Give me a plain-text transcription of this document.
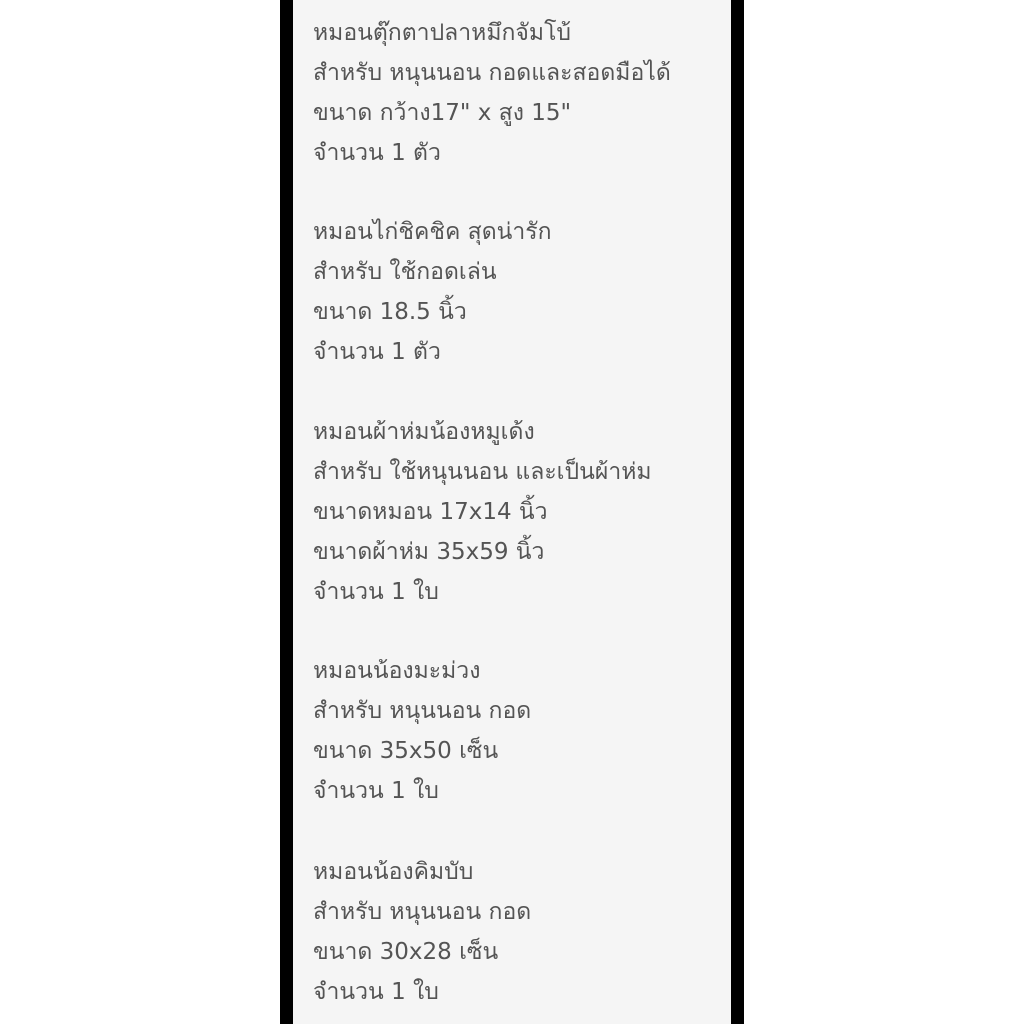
หมอนตุ๊กตาปลาหมึกจัมโบ้
สำหรับ หนุนนอน กอดและสอดมือได้
ขนาด กว้าง17" x สูง 15"
จำนวน 1 ตัว
หมอนไก่ชิคชิค สุดน่ารัก
สำหรับ ใช้กอดเล่น
ขนาด 18.5 นิ้ว
จำนวน 1 ตัว
หมอนผ้าห่มน้องหมูเด้ง
สำหรับ ใช้หนุนนอน และเป็นผ้าห่ม
ขนาดหมอน 17x14 นิ้ว
ขนาดผ้าห่ม 35x59 นิ้ว
จำนวน 1 ใบ
หมอนน้องมะม่วง
สำหรับ หนุนนอน กอด
ขนาด 35x50 เซ็น
จำนวน 1 ใบ
หมอนน้องคิมบับ
สำหรับ หนุนนอน กอด
ขนาด 30x28 เซ็น
จำนวน 1 ใบ
